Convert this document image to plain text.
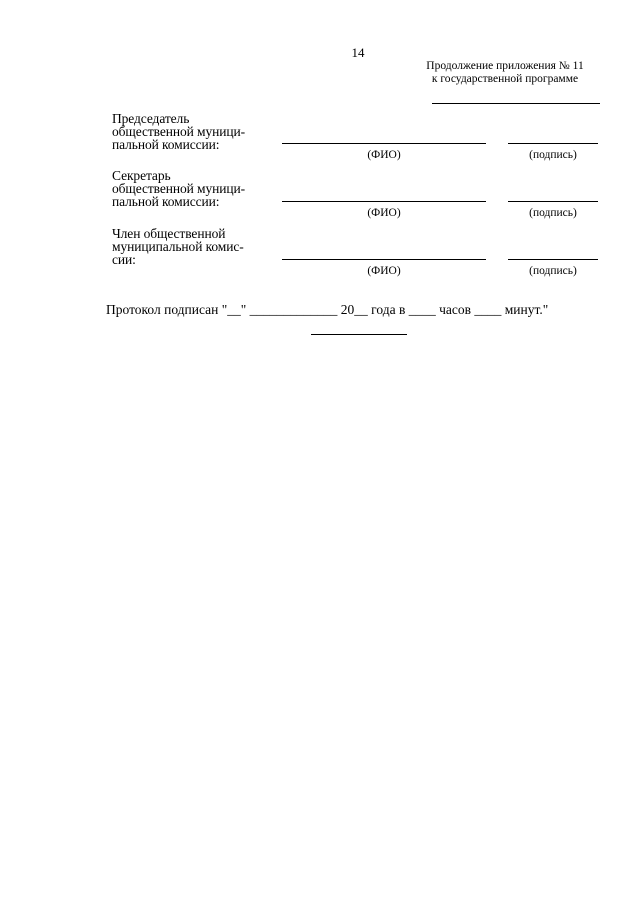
14
Продолжение приложения № 11
к государственной программе
Председатель
общественной муници-
пальной комиссии:
(ФИО)	(подпись)
Секретарь
общественной муници-
пальной комиссии:
(ФИО)	(подпись)
Член общественной
муниципальной комис-
сии:
(ФИО)	(подпись)
Протокол подписан "__" _____________ 20__ года в ____ часов ____ минут."
